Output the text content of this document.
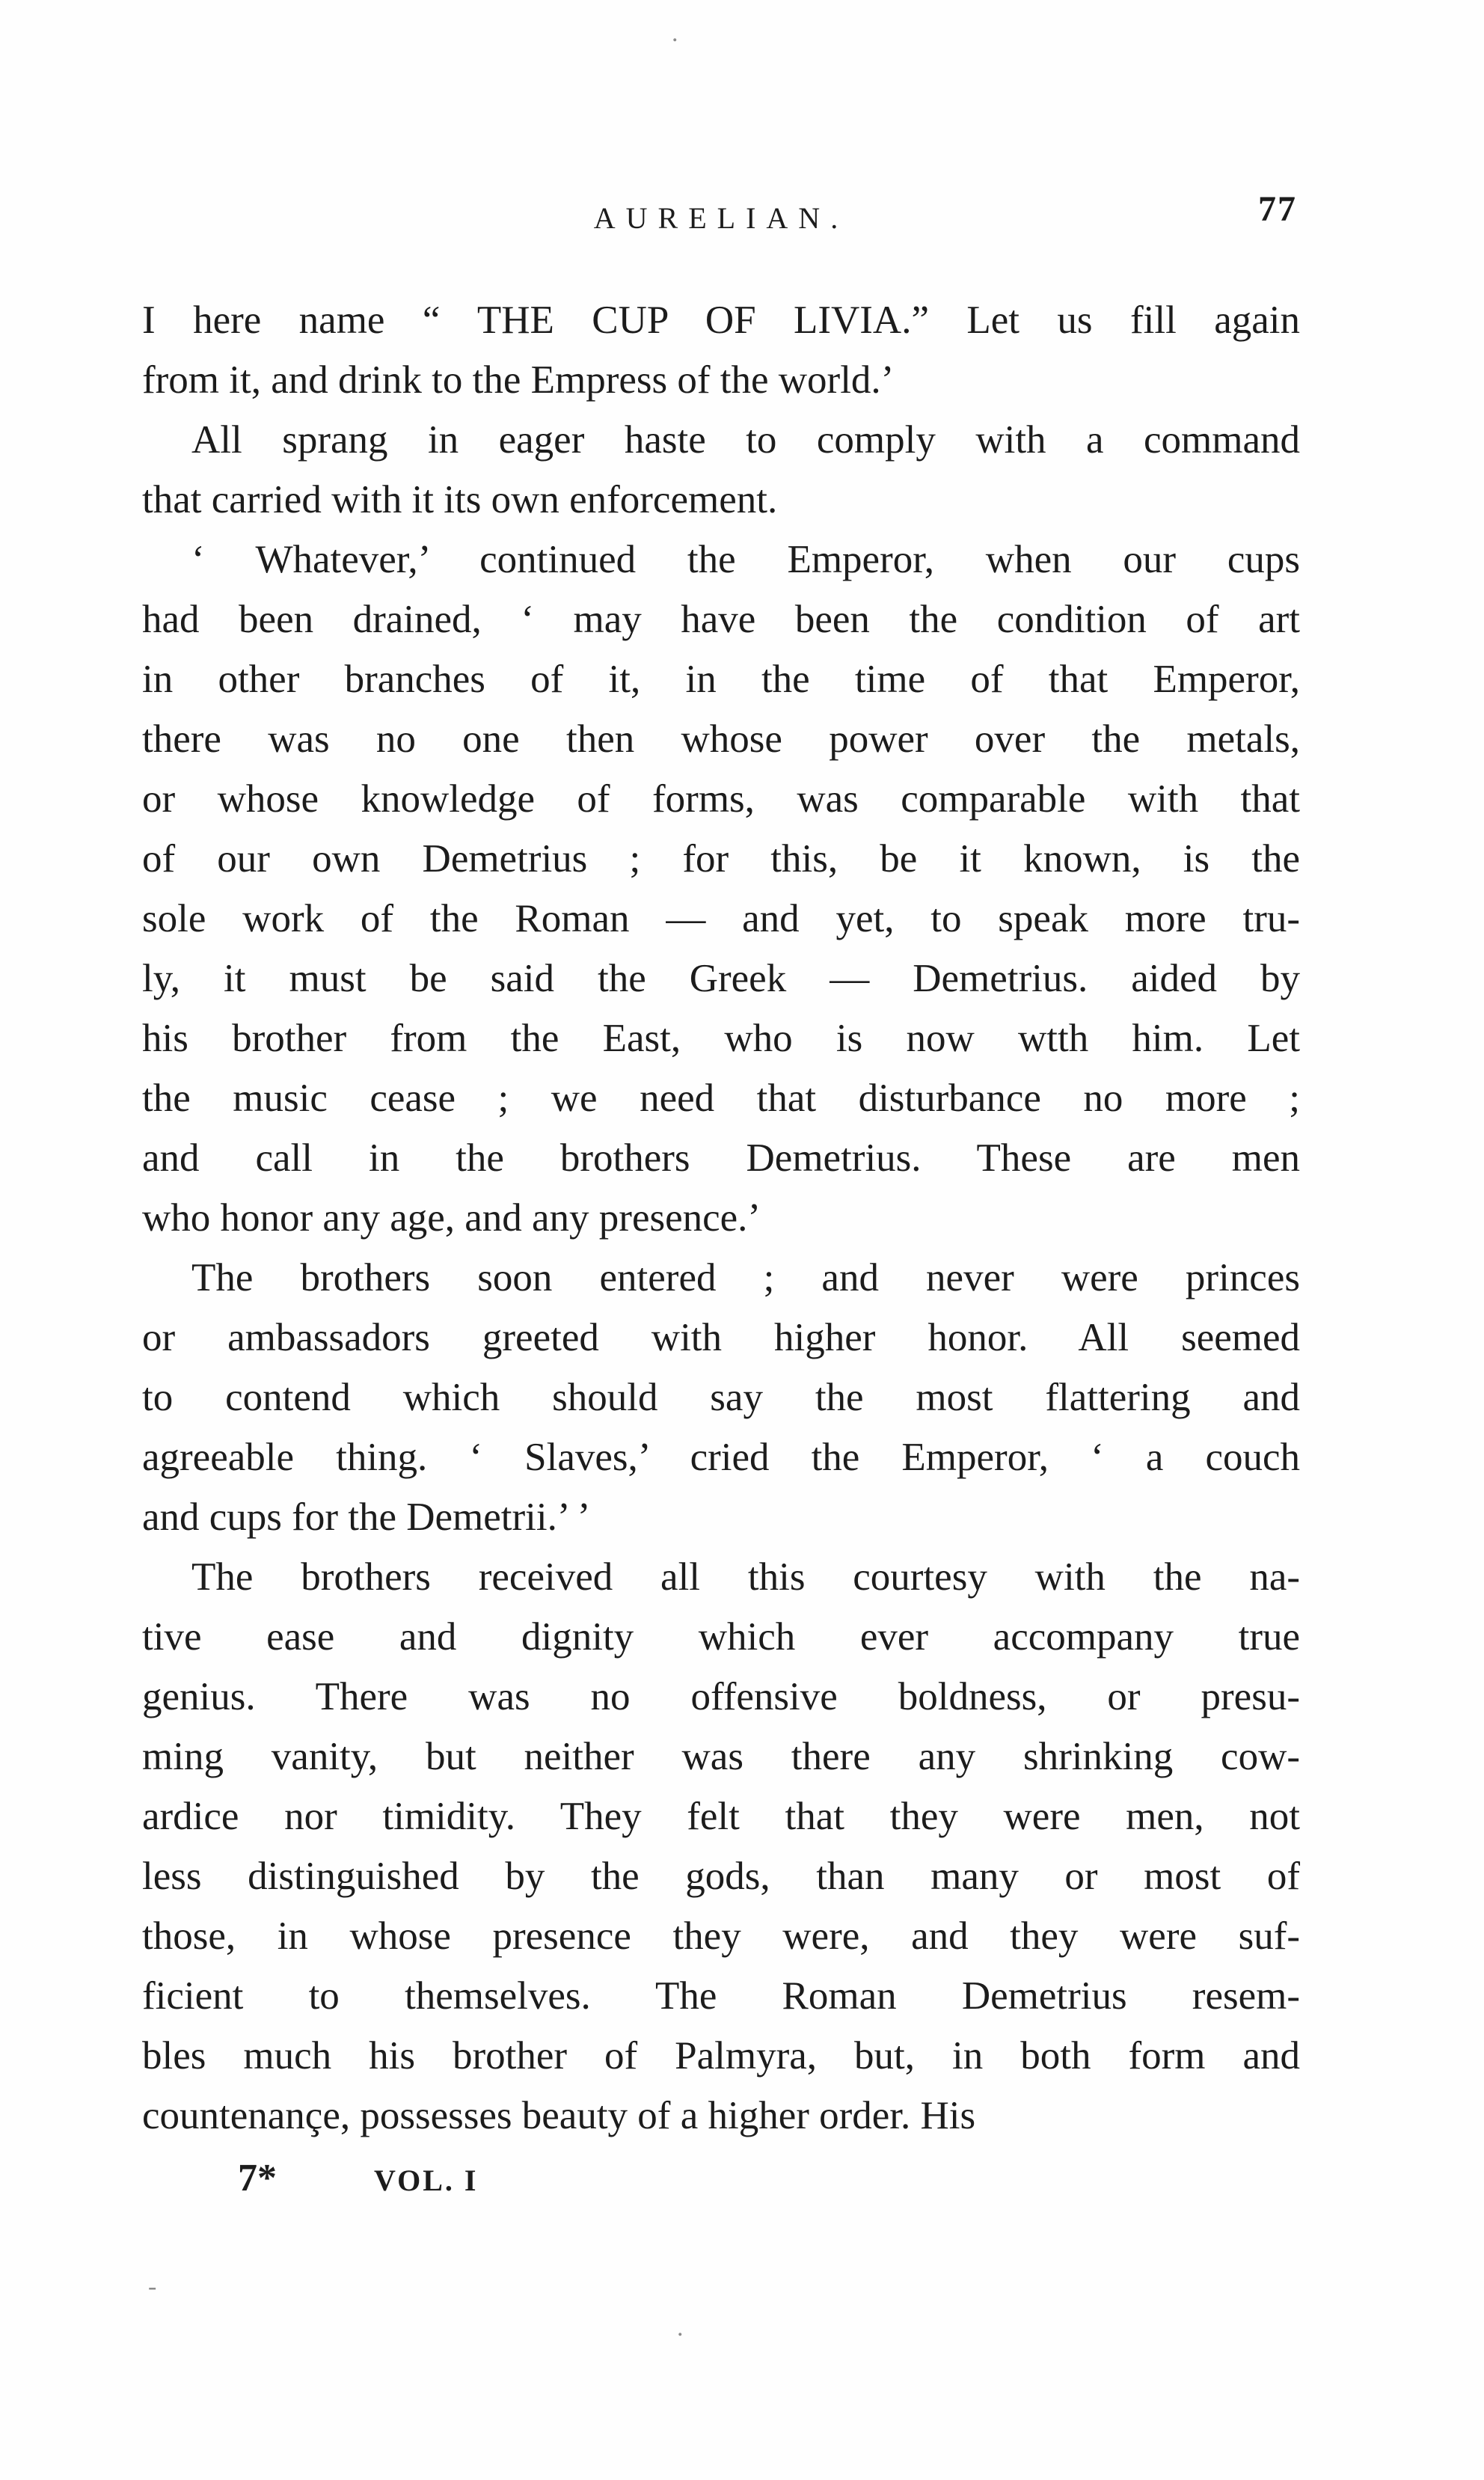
AURELIAN.	77
I here name “ THE CUP OF LIVIA.” Let us fill again
from it, and drink to the Empress of the world.’
All sprang in eager haste to comply with a command
that carried with it its own enforcement.
‘ Whatever,’ continued the Emperor, when our cups
had been drained, ‘ may have been the condition of art
in other branches of it, in the time of that Emperor,
there was no one then whose power over the metals,
or whose knowledge of forms, was comparable with that
of our own Demetrius ; for this, be it known, is the
sole work of the Roman — and yet, to speak more tru-
ly, it must be said the Greek — Demetrius. aided by
his brother from the East, who is now wtth him. Let
the music cease ; we need that disturbance no more ;
and call in the brothers Demetrius. These are men
who honor any age, and any presence.’
The brothers soon entered ; and never were princes
or ambassadors greeted with higher honor. All seemed
to contend which should say the most flattering and
agreeable thing. ‘ Slaves,’ cried the Emperor, ‘ a couch
and cups for the Demetrii.’ ’
The brothers received all this courtesy with the na-
tive ease and dignity which ever accompany true
genius. There was no offensive boldness, or presu-
ming vanity, but neither was there any shrinking cow-
ardice nor timidity. They felt that they were men, not
less distinguished by the gods, than many or most of
those, in whose presence they were, and they were suf-
ficient to themselves. The Roman Demetrius resem-
bles much his brother of Palmyra, but, in both form and
countenançe, possesses beauty of a higher order. His
7*	VOL. I
-
.
.
